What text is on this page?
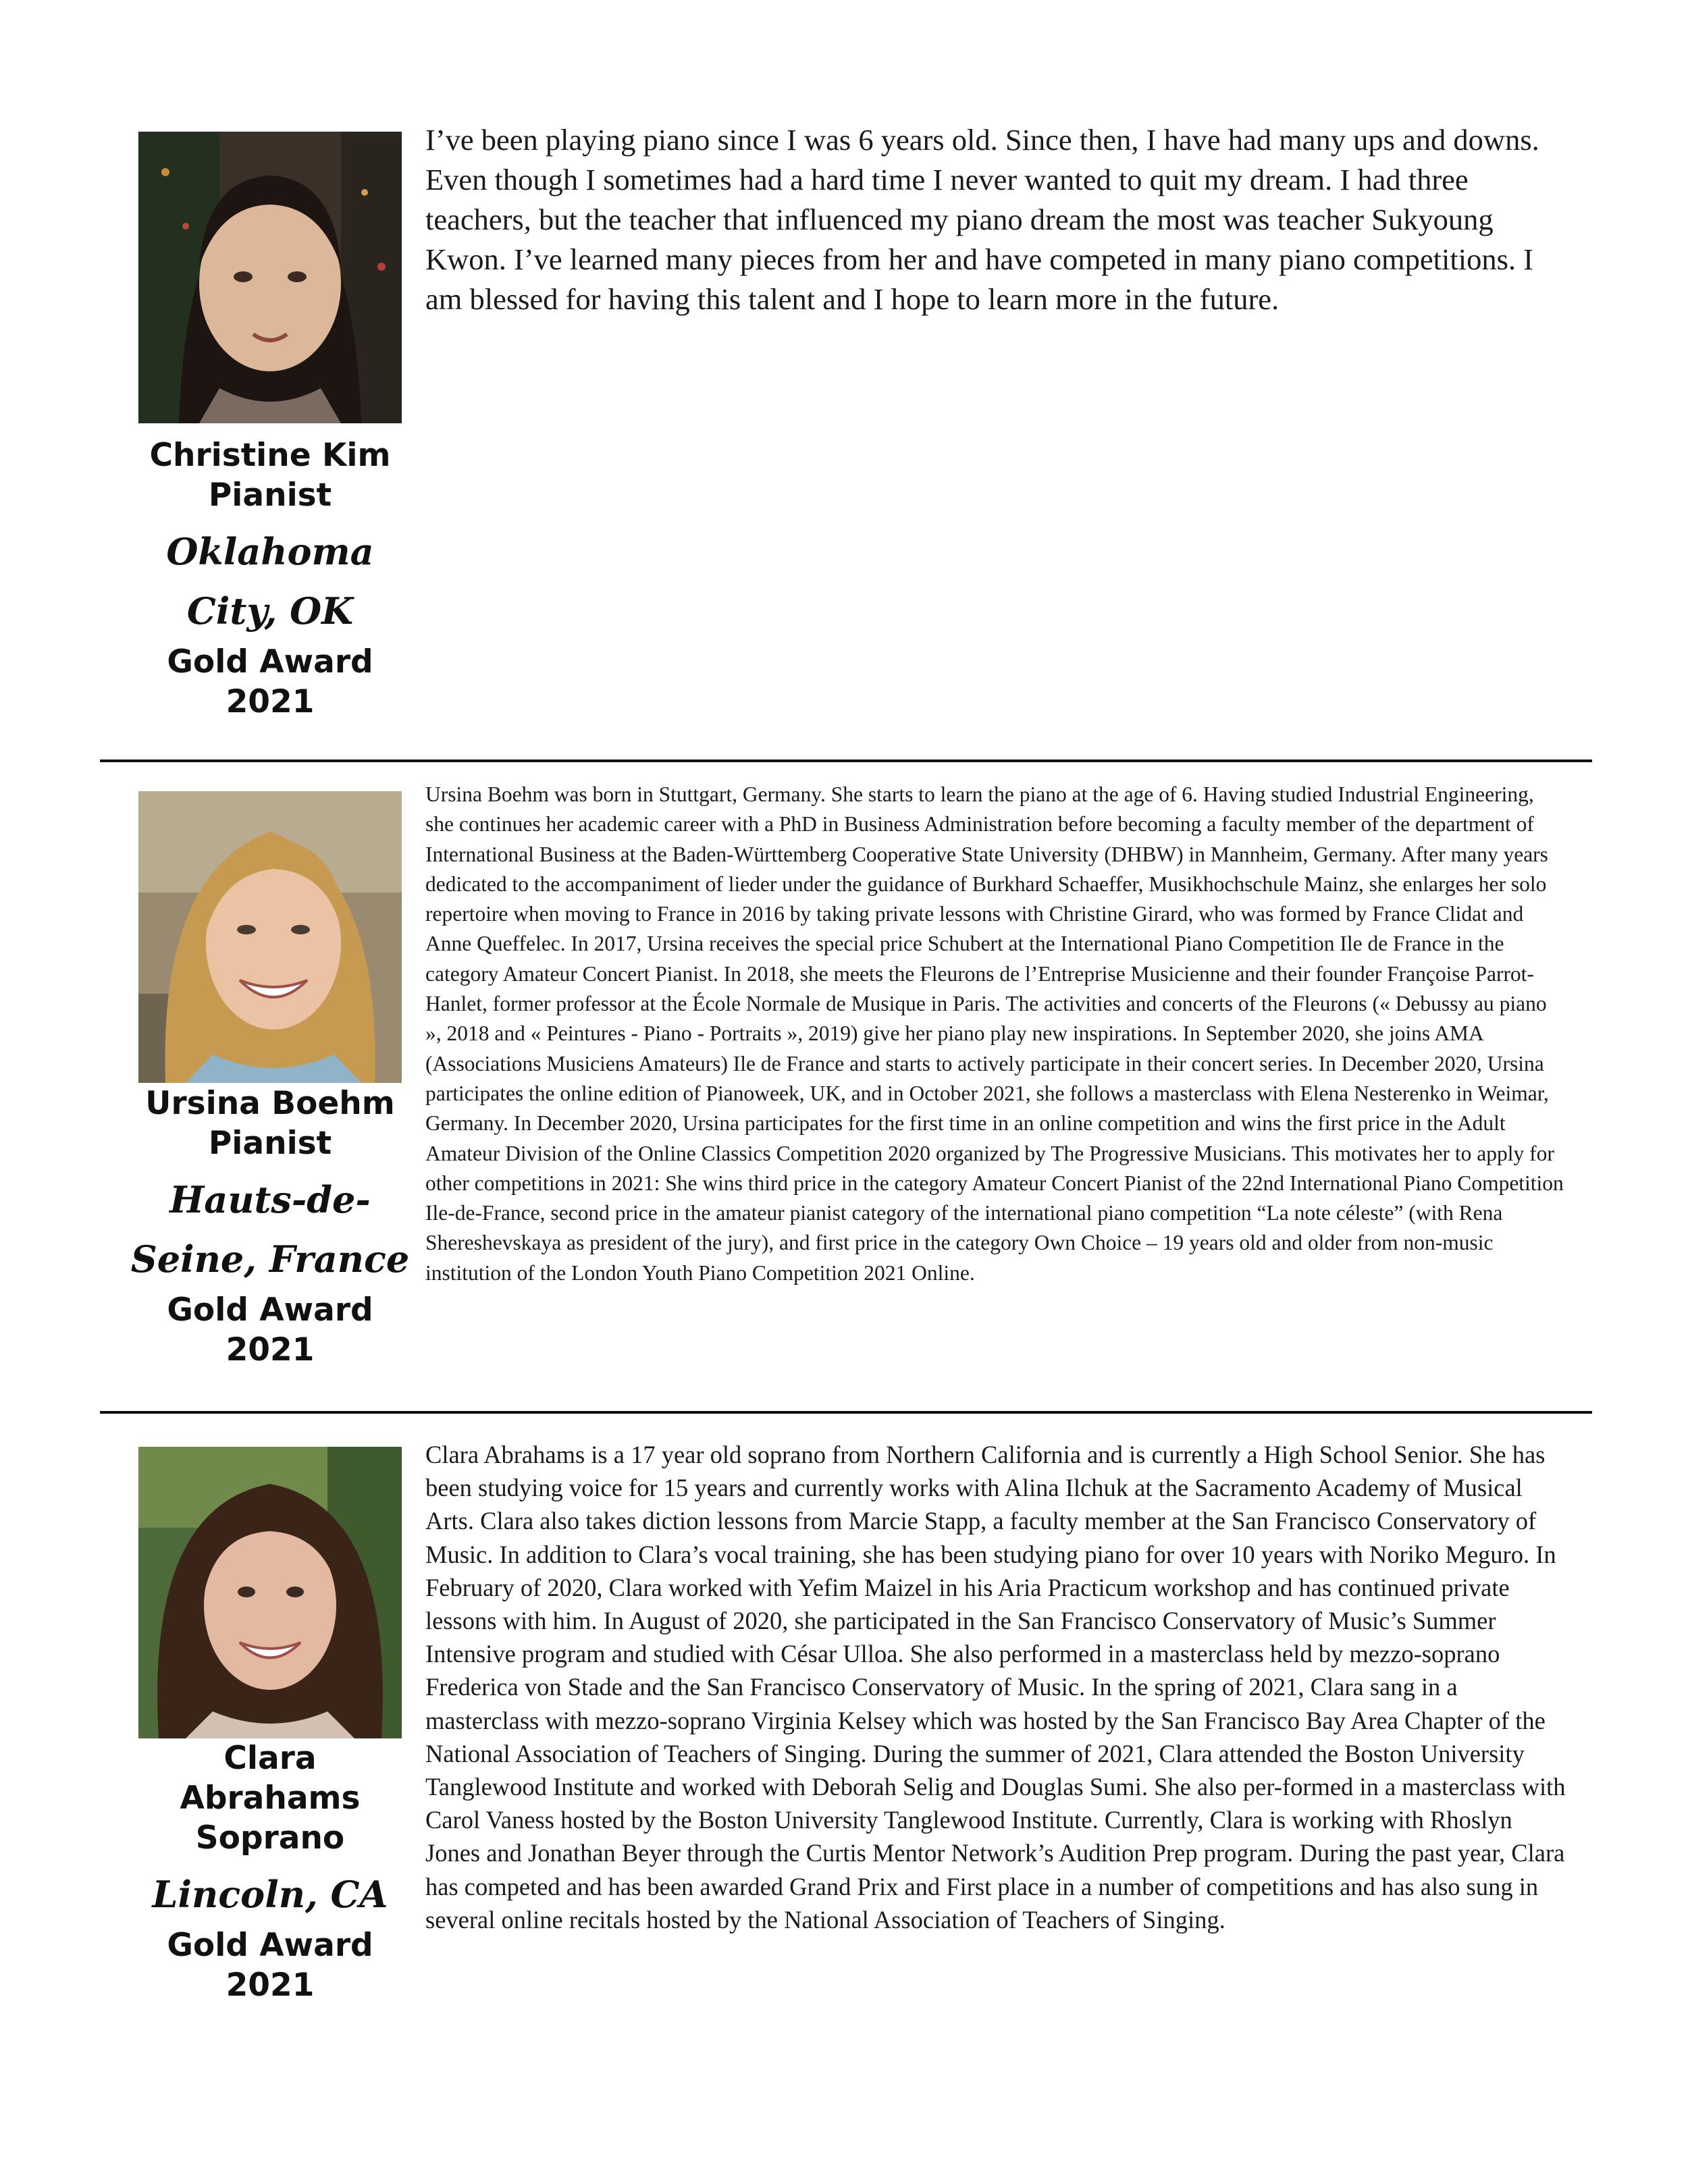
Christine Kim
Pianist
Oklahoma City, OK
Gold Award
2021

I’ve been playing piano since I was 6 years old. Since then, I have had many ups and downs. Even though I sometimes had a hard time I never wanted to quit my dream. I had three teachers, but the teacher that influenced my piano dream the most was teacher Sukyoung Kwon. I’ve learned many pieces from her and have competed in many piano competitions. I am blessed for having this talent and I hope to learn more in the future.

Ursina Boehm
Pianist
Hauts-de-Seine, France
Gold Award
2021

Ursina Boehm was born in Stuttgart, Germany. She starts to learn the piano at the age of 6. Having studied Industrial Engineering, she continues her academic career with a PhD in Business Administration before becoming a faculty member of the department of International Business at the Baden-Württemberg Cooperative State University (DHBW) in Mannheim, Germany. After many years dedicated to the accompaniment of lieder under the guidance of Burkhard Schaeffer, Musikhochschule Mainz, she enlarges her solo repertoire when moving to France in 2016 by taking private lessons with Christine Girard, who was formed by France Clidat and Anne Queffelec. In 2017, Ursina receives the special price Schubert at the International Piano Competition Ile de France in the category Amateur Concert Pianist. In 2018, she meets the Fleurons de l’Entreprise Musicienne and their founder Françoise Parrot-Hanlet, former professor at the École Normale de Musique in Paris. The activities and concerts of the Fleurons (« Debussy au piano », 2018 and « Peintures - Piano - Portraits », 2019) give her piano play new inspirations. In September 2020, she joins AMA (Associations Musiciens Amateurs) Ile de France and starts to actively participate in their concert series. In December 2020, Ursina participates the online edition of Pianoweek, UK, and in October 2021, she follows a masterclass with Elena Nesterenko in Weimar, Germany. In December 2020, Ursina participates for the first time in an online competition and wins the first price in the Adult Amateur Division of the Online Classics Competition 2020 organized by The Progressive Musicians. This motivates her to apply for other competitions in 2021: She wins third price in the category Amateur Concert Pianist of the 22nd International Piano Competition Ile-de-France, second price in the amateur pianist category of the international piano competition “La note céleste” (with Rena Shereshevskaya as president of the jury), and first price in the category Own Choice – 19 years old and older from non-music institution of the London Youth Piano Competition 2021 Online.

Clara Abrahams
Soprano
Lincoln, CA
Gold Award
2021

Clara Abrahams is a 17 year old soprano from Northern California and is currently a High School Senior. She has been studying voice for 15 years and currently works with Alina Ilchuk at the Sacramento Academy of Musical Arts. Clara also takes diction lessons from Marcie Stapp, a faculty member at the San Francisco Conservatory of Music. In addition to Clara’s vocal training, she has been studying piano for over 10 years with Noriko Meguro. In February of 2020, Clara worked with Yefim Maizel in his Aria Practicum workshop and has continued private lessons with him. In August of 2020, she participated in the San Francisco Conservatory of Music’s Summer Intensive program and studied with César Ulloa. She also performed in a masterclass held by mezzo-soprano Frederica von Stade and the San Francisco Conservatory of Music. In the spring of 2021, Clara sang in a masterclass with mezzo-soprano Virginia Kelsey which was hosted by the San Francisco Bay Area Chapter of the National Association of Teachers of Singing. During the summer of 2021, Clara attended the Boston University Tanglewood Institute and worked with Deborah Selig and Douglas Sumi. She also per-formed in a masterclass with Carol Vaness hosted by the Boston University Tanglewood Institute. Currently, Clara is working with Rhoslyn Jones and Jonathan Beyer through the Curtis Mentor Network’s Audition Prep program. During the past year, Clara has competed and has been awarded Grand Prix and First place in a number of competitions and has also sung in several online recitals hosted by the National Association of Teachers of Singing.
